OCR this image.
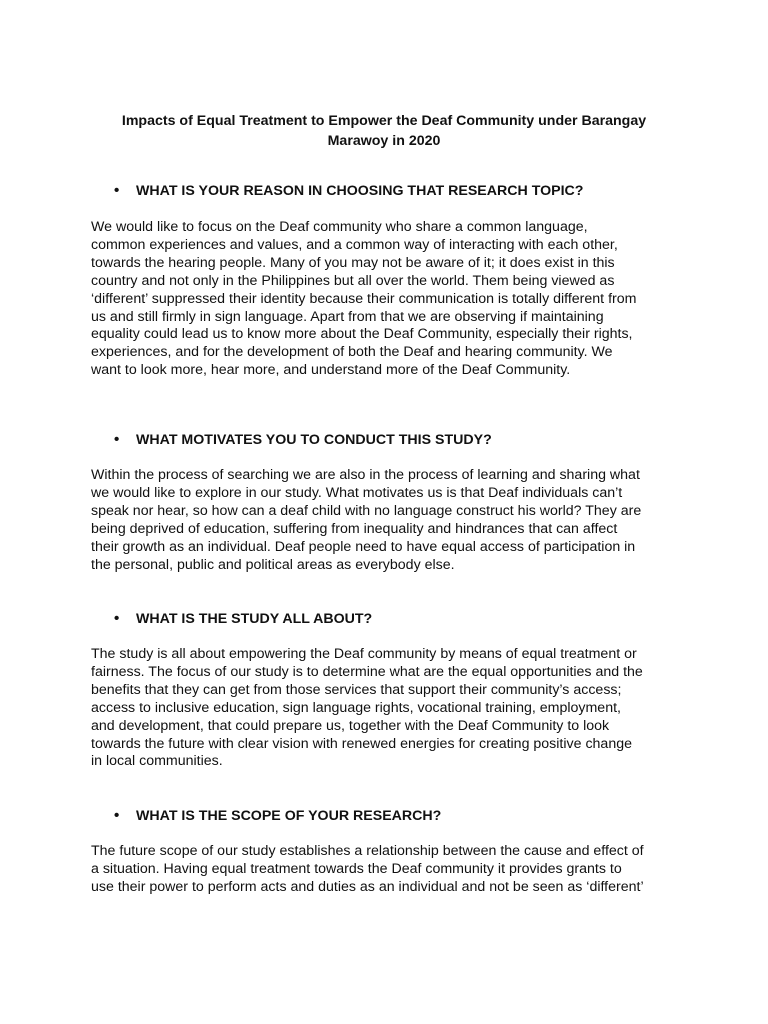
Impacts of Equal Treatment to Empower the Deaf Community under Barangay
Marawoy in 2020
• WHAT IS YOUR REASON IN CHOOSING THAT RESEARCH TOPIC?
We would like to focus on the Deaf community who share a common language,
common experiences and values, and a common way of interacting with each other,
towards the hearing people. Many of you may not be aware of it; it does exist in this
country and not only in the Philippines but all over the world. Them being viewed as
‘different’ suppressed their identity because their communication is totally different from
us and still firmly in sign language. Apart from that we are observing if maintaining
equality could lead us to know more about the Deaf Community, especially their rights,
experiences, and for the development of both the Deaf and hearing community. We
want to look more, hear more, and understand more of the Deaf Community.
• WHAT MOTIVATES YOU TO CONDUCT THIS STUDY?
Within the process of searching we are also in the process of learning and sharing what
we would like to explore in our study. What motivates us is that Deaf individuals can’t
speak nor hear, so how can a deaf child with no language construct his world? They are
being deprived of education, suffering from inequality and hindrances that can affect
their growth as an individual. Deaf people need to have equal access of participation in
the personal, public and political areas as everybody else.
• WHAT IS THE STUDY ALL ABOUT?
The study is all about empowering the Deaf community by means of equal treatment or
fairness. The focus of our study is to determine what are the equal opportunities and the
benefits that they can get from those services that support their community’s access;
access to inclusive education, sign language rights, vocational training, employment,
and development, that could prepare us, together with the Deaf Community to look
towards the future with clear vision with renewed energies for creating positive change
in local communities.
• WHAT IS THE SCOPE OF YOUR RESEARCH?
The future scope of our study establishes a relationship between the cause and effect of
a situation. Having equal treatment towards the Deaf community it provides grants to
use their power to perform acts and duties as an individual and not be seen as ‘different’
